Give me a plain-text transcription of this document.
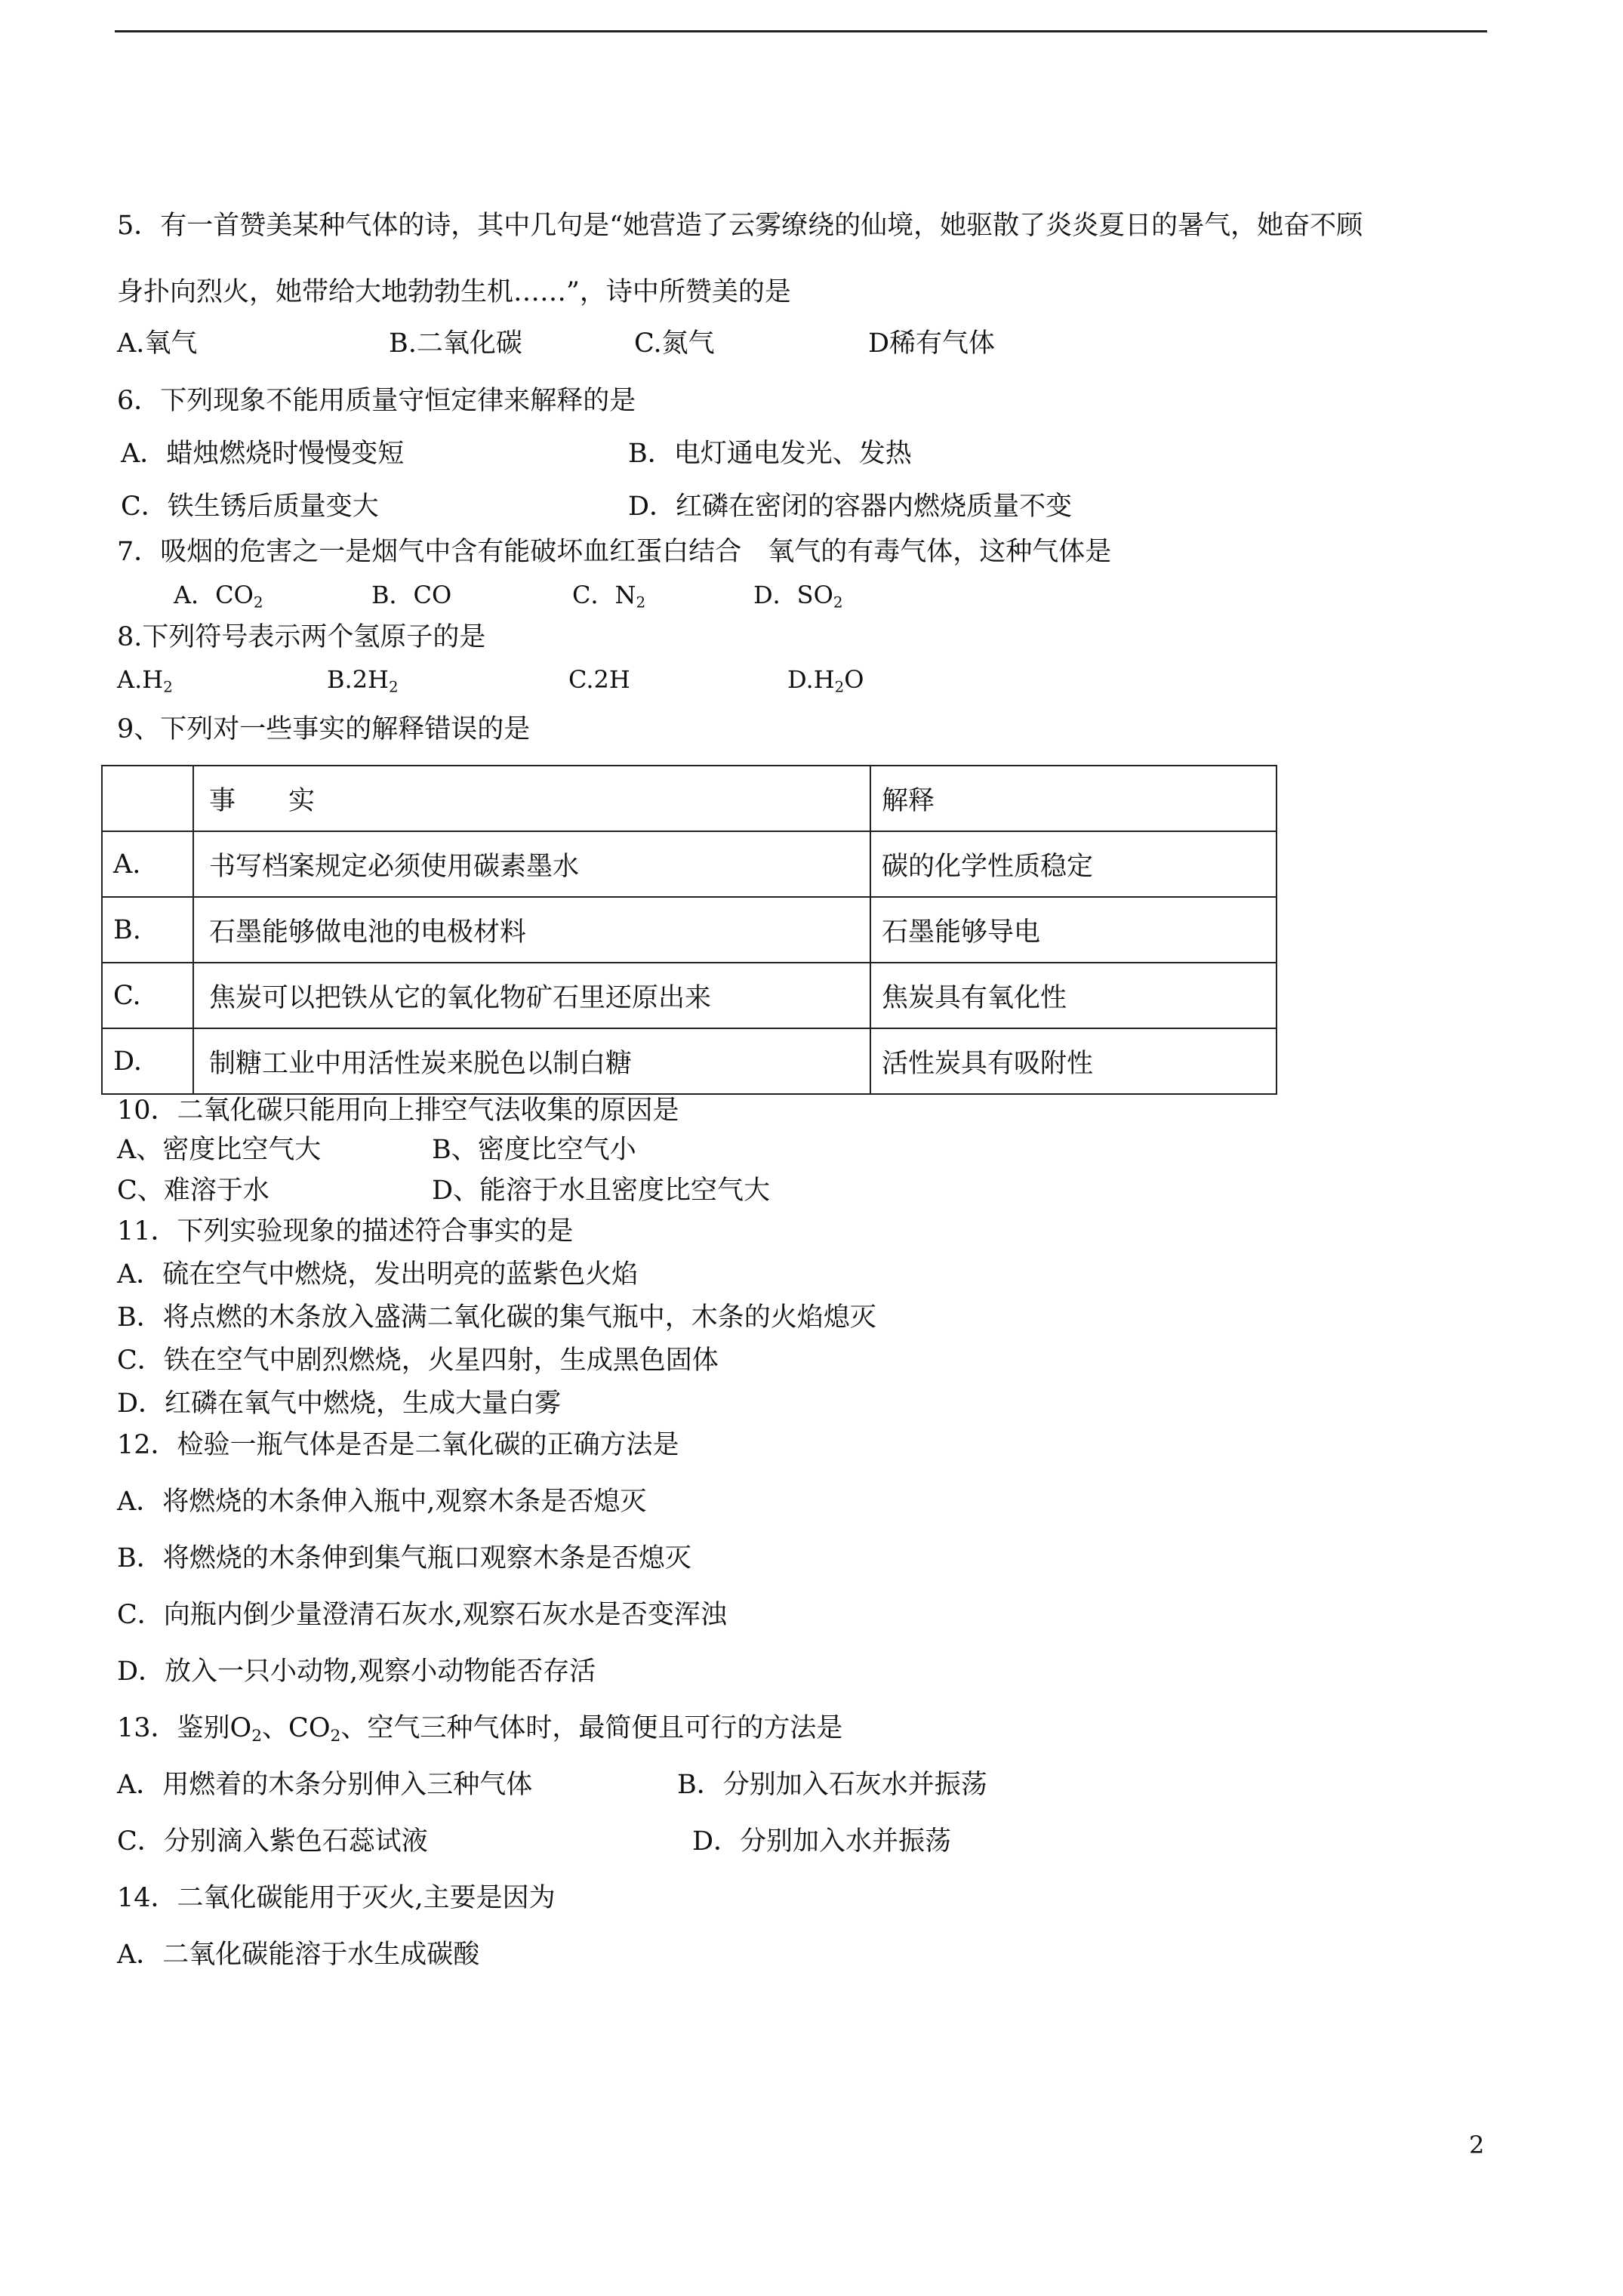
5．有一首赞美某种气体的诗，其中几句是“她营造了云雾缭绕的仙境，她驱散了炎炎夏日的暑气，她奋不顾
身扑向烈火，她带给大地勃勃生机……”，诗中所赞美的是
A.氧气	B.二氧化碳	C.氮气	D稀有气体
6．下列现象不能用质量守恒定律来解释的是
A．蜡烛燃烧时慢慢变短	B．电灯通电发光、发热
C．铁生锈后质量变大	D．红磷在密闭的容器内燃烧质量不变
7．吸烟的危害之一是烟气中含有能破坏血红蛋白结合　氧气的有毒气体，这种气体是
A．$CO_2$	B．CO	C．$N_2$	D．$SO_2$
8.下列符号表示两个氢原子的是
$A.H_2$	$B.2H_2$	C.2H	$D.H_2O$
9、下列对一些事实的解释错误的是
	事　　实	解释
A.	书写档案规定必须使用碳素墨水	碳的化学性质稳定
B.	石墨能够做电池的电极材料	石墨能够导电
C.	焦炭可以把铁从它的氧化物矿石里还原出来	焦炭具有氧化性
D.	制糖工业中用活性炭来脱色以制白糖	活性炭具有吸附性
10．二氧化碳只能用向上排空气法收集的原因是
A、密度比空气大	B、密度比空气小
C、难溶于水	D、能溶于水且密度比空气大
11．下列实验现象的描述符合事实的是
A．硫在空气中燃烧，发出明亮的蓝紫色火焰
B．将点燃的木条放入盛满二氧化碳的集气瓶中，木条的火焰熄灭
C．铁在空气中剧烈燃烧，火星四射，生成黑色固体
D．红磷在氧气中燃烧，生成大量白雾
12．检验一瓶气体是否是二氧化碳的正确方法是
A．将燃烧的木条伸入瓶中,观察木条是否熄灭
B．将燃烧的木条伸到集气瓶口观察木条是否熄灭
C．向瓶内倒少量澄清石灰水,观察石灰水是否变浑浊
D．放入一只小动物,观察小动物能否存活
13．鉴别$O_2$、$CO_2$、空气三种气体时，最简便且可行的方法是
A．用燃着的木条分别伸入三种气体	B．分别加入石灰水并振荡
C．分别滴入紫色石蕊试液	D．分别加入水并振荡
14．二氧化碳能用于灭火,主要是因为
A．二氧化碳能溶于水生成碳酸
2
